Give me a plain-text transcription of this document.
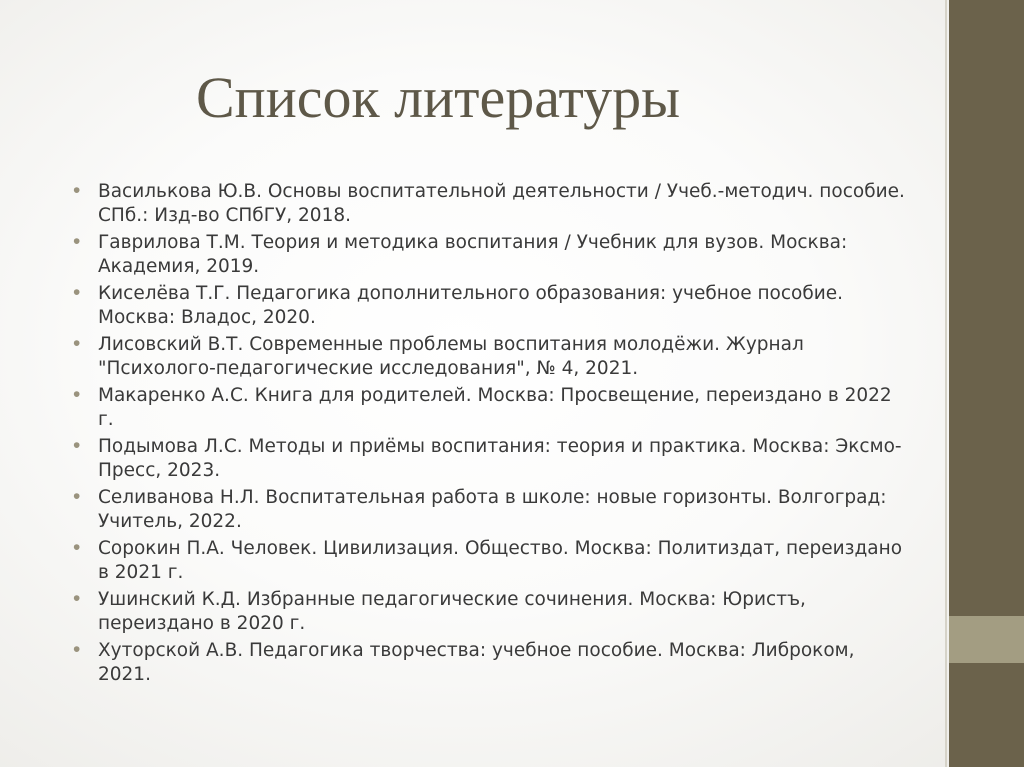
Список литературы
• Василькова Ю.В. Основы воспитательной деятельности / Учеб.-методич. пособие. СПб.: Изд-во СПбГУ, 2018.
• Гаврилова Т.М. Теория и методика воспитания / Учебник для вузов. Москва: Академия, 2019.
• Киселёва Т.Г. Педагогика дополнительного образования: учебное пособие. Москва: Владос, 2020.
• Лисовский В.Т. Современные проблемы воспитания молодёжи. Журнал "Психолого-педагогические исследования", № 4, 2021.
• Макаренко А.С. Книга для родителей. Москва: Просвещение, переиздано в 2022 г.
• Подымова Л.С. Методы и приёмы воспитания: теория и практика. Москва: Эксмо-Пресс, 2023.
• Селиванова Н.Л. Воспитательная работа в школе: новые горизонты. Волгоград: Учитель, 2022.
• Сорокин П.А. Человек. Цивилизация. Общество. Москва: Политиздат, переиздано в 2021 г.
• Ушинский К.Д. Избранные педагогические сочинения. Москва: Юристъ, переиздано в 2020 г.
• Хуторской А.В. Педагогика творчества: учебное пособие. Москва: Либроком, 2021.
